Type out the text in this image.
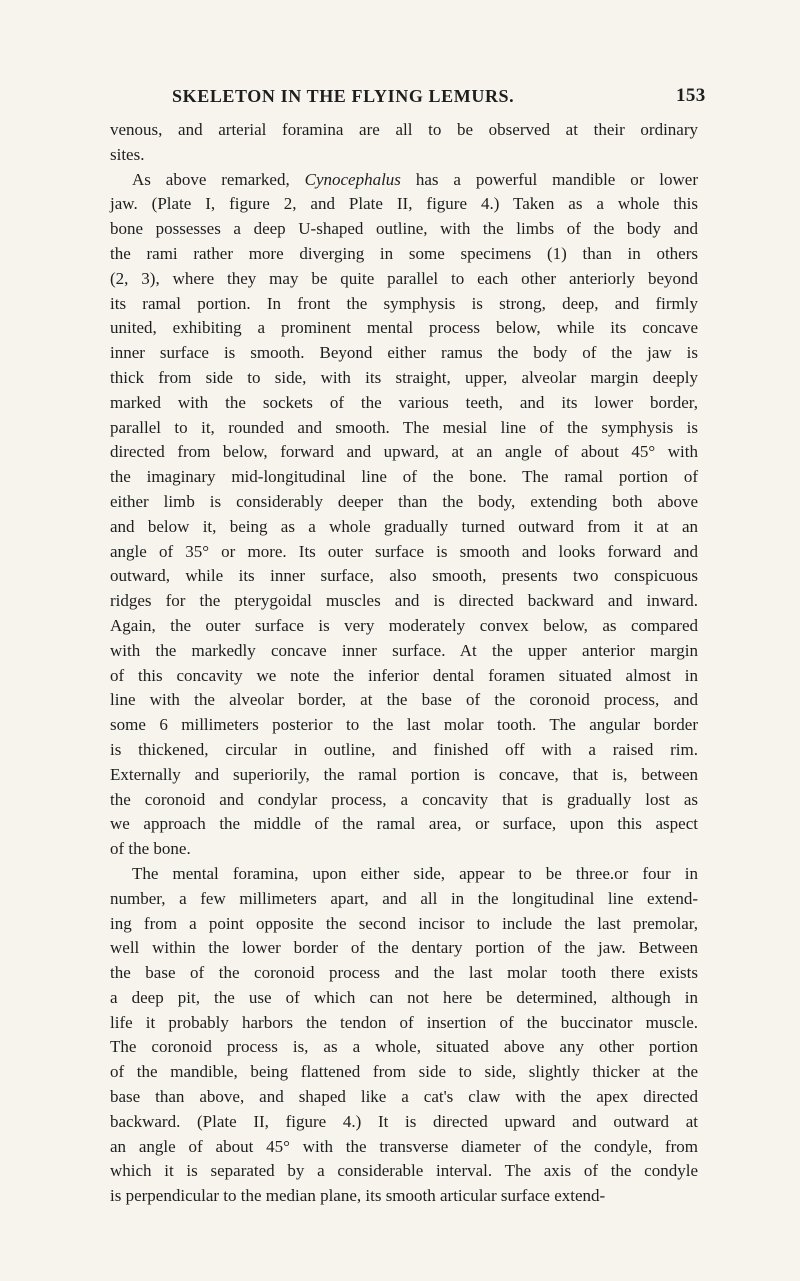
SKELETON IN THE FLYING LEMURS.	153
venous, and arterial foramina are all to be observed at their ordinary
sites.
As above remarked, Cynocephalus has a powerful mandible or lower
jaw. (Plate I, figure 2, and Plate II, figure 4.) Taken as a whole this
bone possesses a deep U-shaped outline, with the limbs of the body and
the rami rather more diverging in some specimens (1) than in others
(2, 3), where they may be quite parallel to each other anteriorly beyond
its ramal portion. In front the symphysis is strong, deep, and firmly
united, exhibiting a prominent mental process below, while its concave
inner surface is smooth. Beyond either ramus the body of the jaw is
thick from side to side, with its straight, upper, alveolar margin deeply
marked with the sockets of the various teeth, and its lower border,
parallel to it, rounded and smooth. The mesial line of the symphysis is
directed from below, forward and upward, at an angle of about 45° with
the imaginary mid-longitudinal line of the bone. The ramal portion of
either limb is considerably deeper than the body, extending both above
and below it, being as a whole gradually turned outward from it at an
angle of 35° or more. Its outer surface is smooth and looks forward and
outward, while its inner surface, also smooth, presents two conspicuous
ridges for the pterygoidal muscles and is directed backward and inward.
Again, the outer surface is very moderately convex below, as compared
with the markedly concave inner surface. At the upper anterior margin
of this concavity we note the inferior dental foramen situated almost in
line with the alveolar border, at the base of the coronoid process, and
some 6 millimeters posterior to the last molar tooth. The angular border
is thickened, circular in outline, and finished off with a raised rim.
Externally and superiorily, the ramal portion is concave, that is, between
the coronoid and condylar process, a concavity that is gradually lost as
we approach the middle of the ramal area, or surface, upon this aspect
of the bone.
The mental foramina, upon either side, appear to be three.or four in
number, a few millimeters apart, and all in the longitudinal line extend-
ing from a point opposite the second incisor to include the last premolar,
well within the lower border of the dentary portion of the jaw. Between
the base of the coronoid process and the last molar tooth there exists
a deep pit, the use of which can not here be determined, although in
life it probably harbors the tendon of insertion of the buccinator muscle.
The coronoid process is, as a whole, situated above any other portion
of the mandible, being flattened from side to side, slightly thicker at the
base than above, and shaped like a cat's claw with the apex directed
backward. (Plate II, figure 4.) It is directed upward and outward at
an angle of about 45° with the transverse diameter of the condyle, from
which it is separated by a considerable interval. The axis of the condyle
is perpendicular to the median plane, its smooth articular surface extend-
